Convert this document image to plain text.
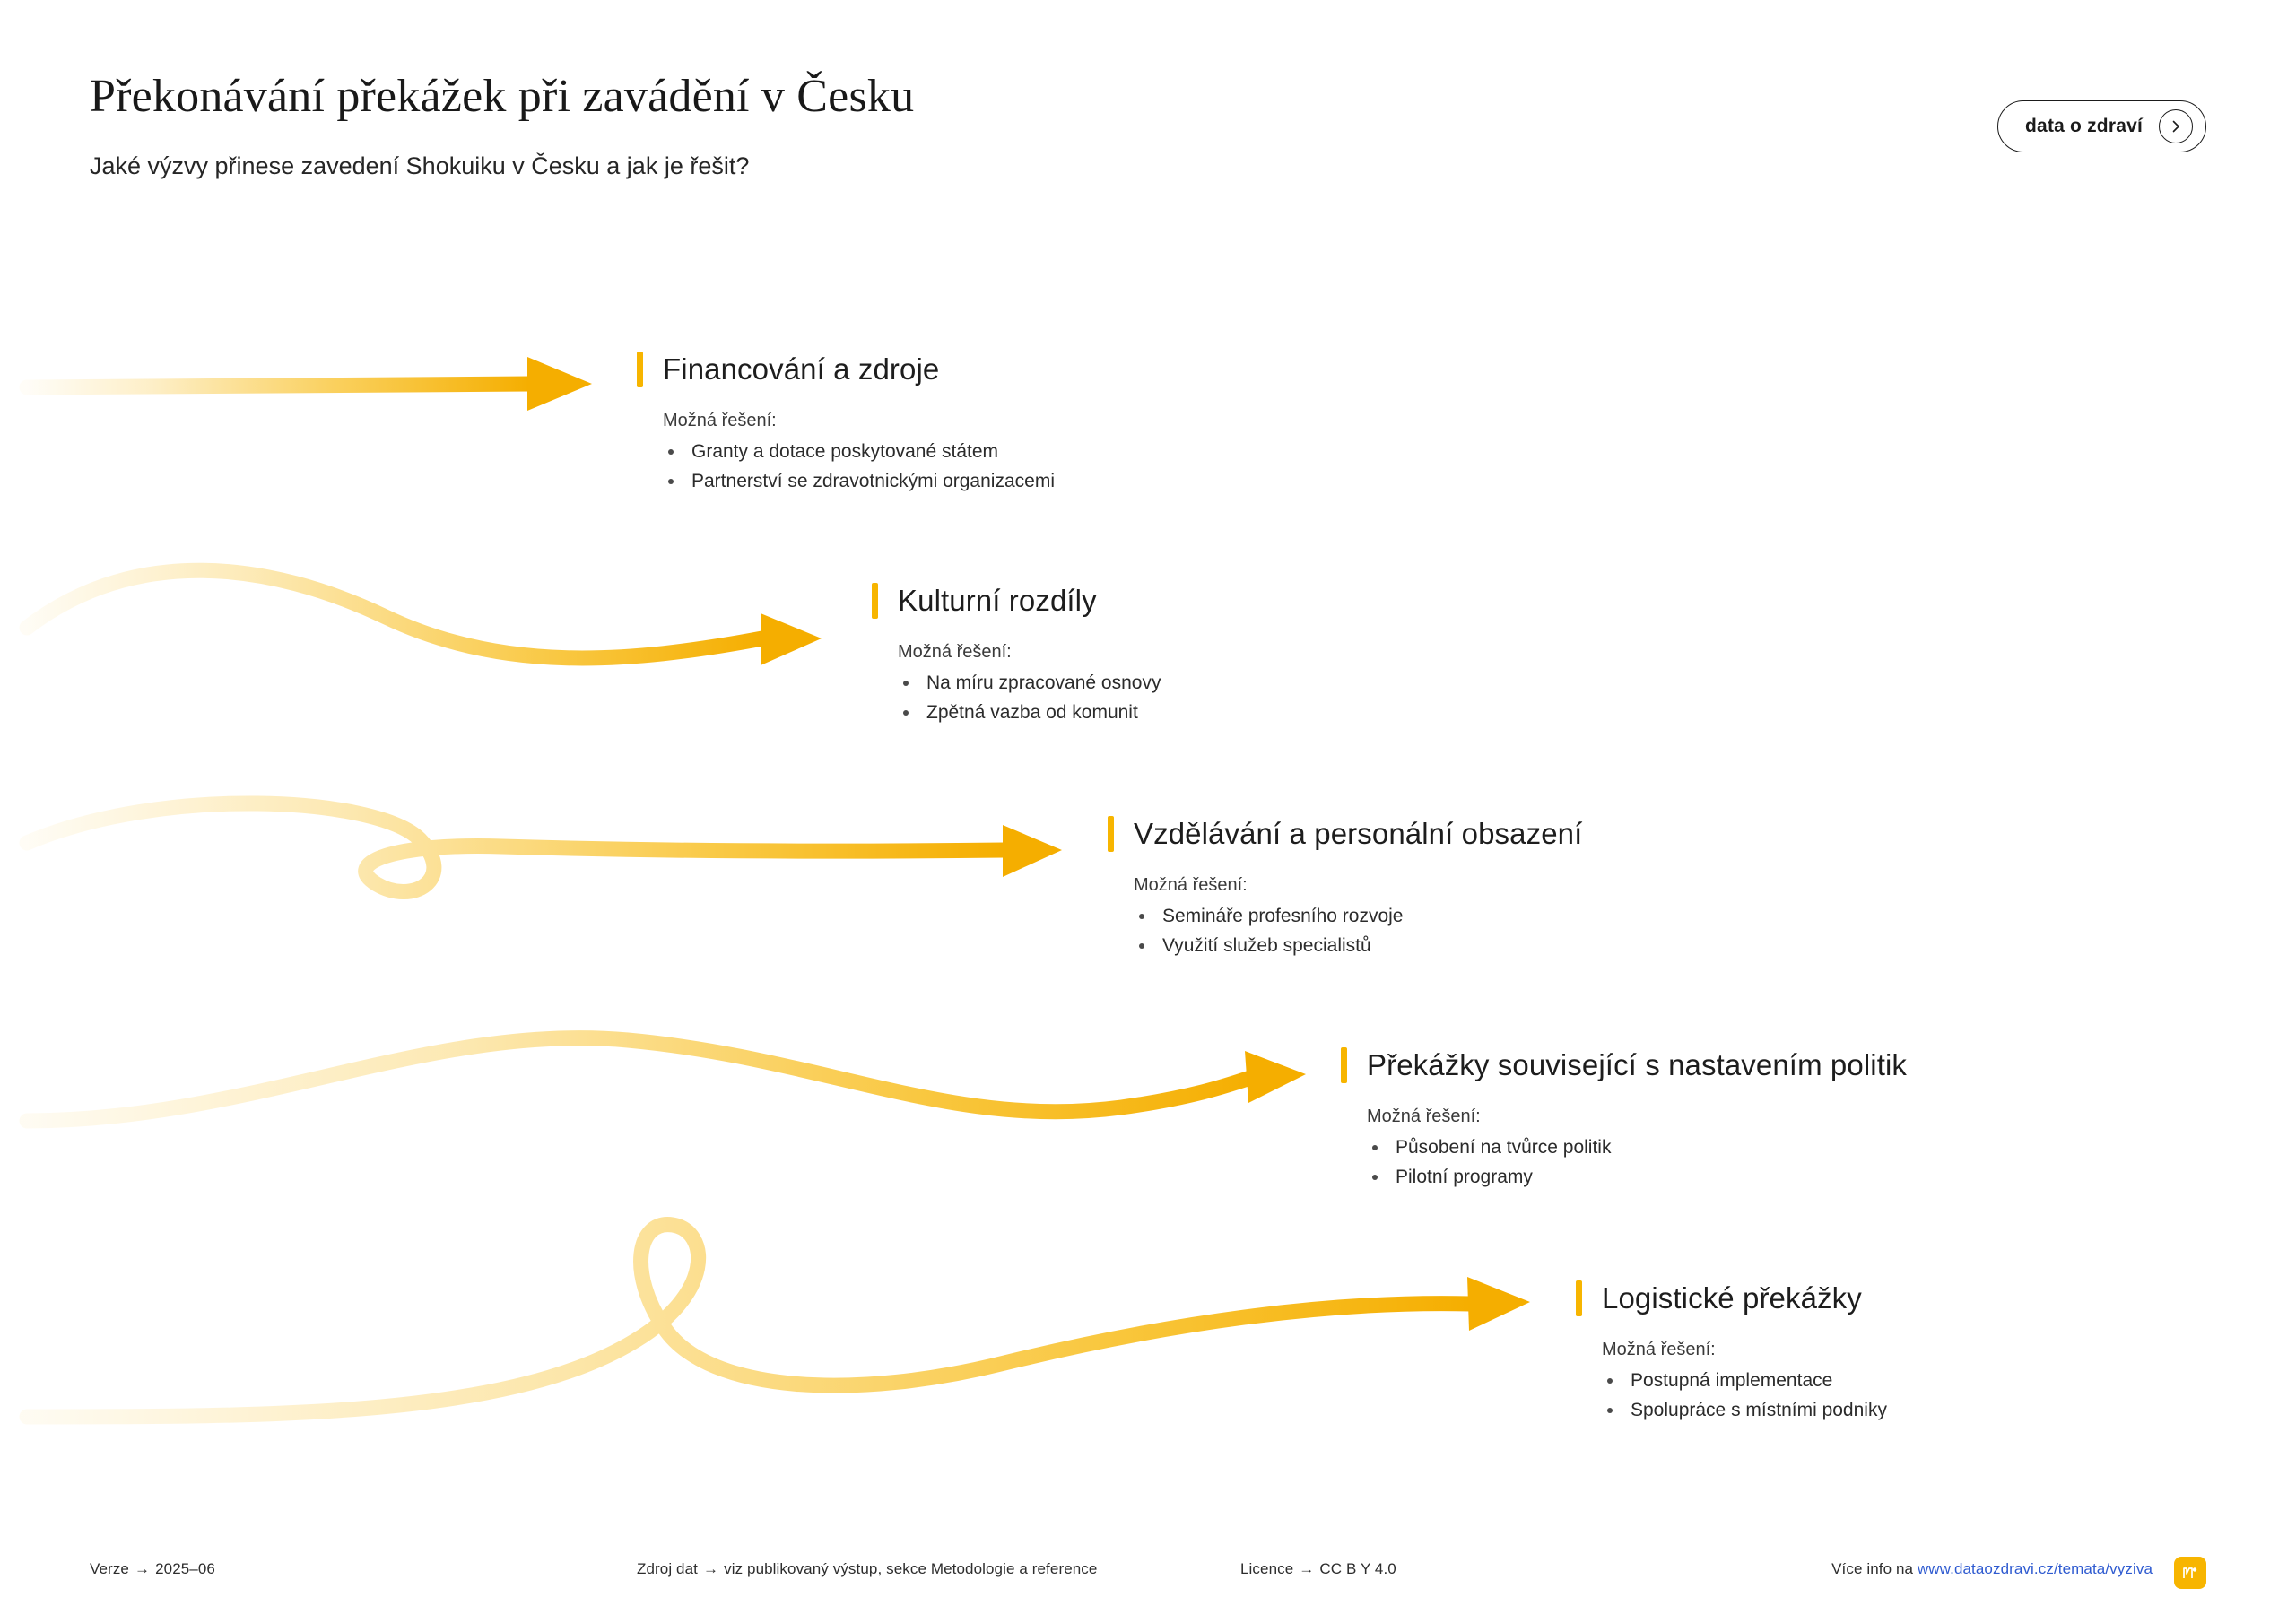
Překonávání překážek při zavádění v Česku

Jaké výzvy přinese zavedení Shokuiku v Česku a jak je řešit?

data o zdraví
Financování a zdroje
Možná řešení:
Granty a dotace poskytované státem
Partnerství se zdravotnickými organizacemi
Kulturní rozdíly
Možná řešení:
Na míru zpracované osnovy
Zpětná vazba od komunit
Vzdělávání a personální obsazení
Možná řešení:
Semináře profesního rozvoje
Využití služeb specialistů
Překážky související s nastavením politik
Možná řešení:
Působení na tvůrce politik
Pilotní programy
Logistické překážky
Možná řešení:
Postupná implementace
Spolupráce s místními podniky
Verze → 2025–06	Zdroj dat → viz publikovaný výstup, sekce Metodologie a reference	Licence → CC B Y 4.0	Více info na www.dataozdravi.cz/temata/vyziva
